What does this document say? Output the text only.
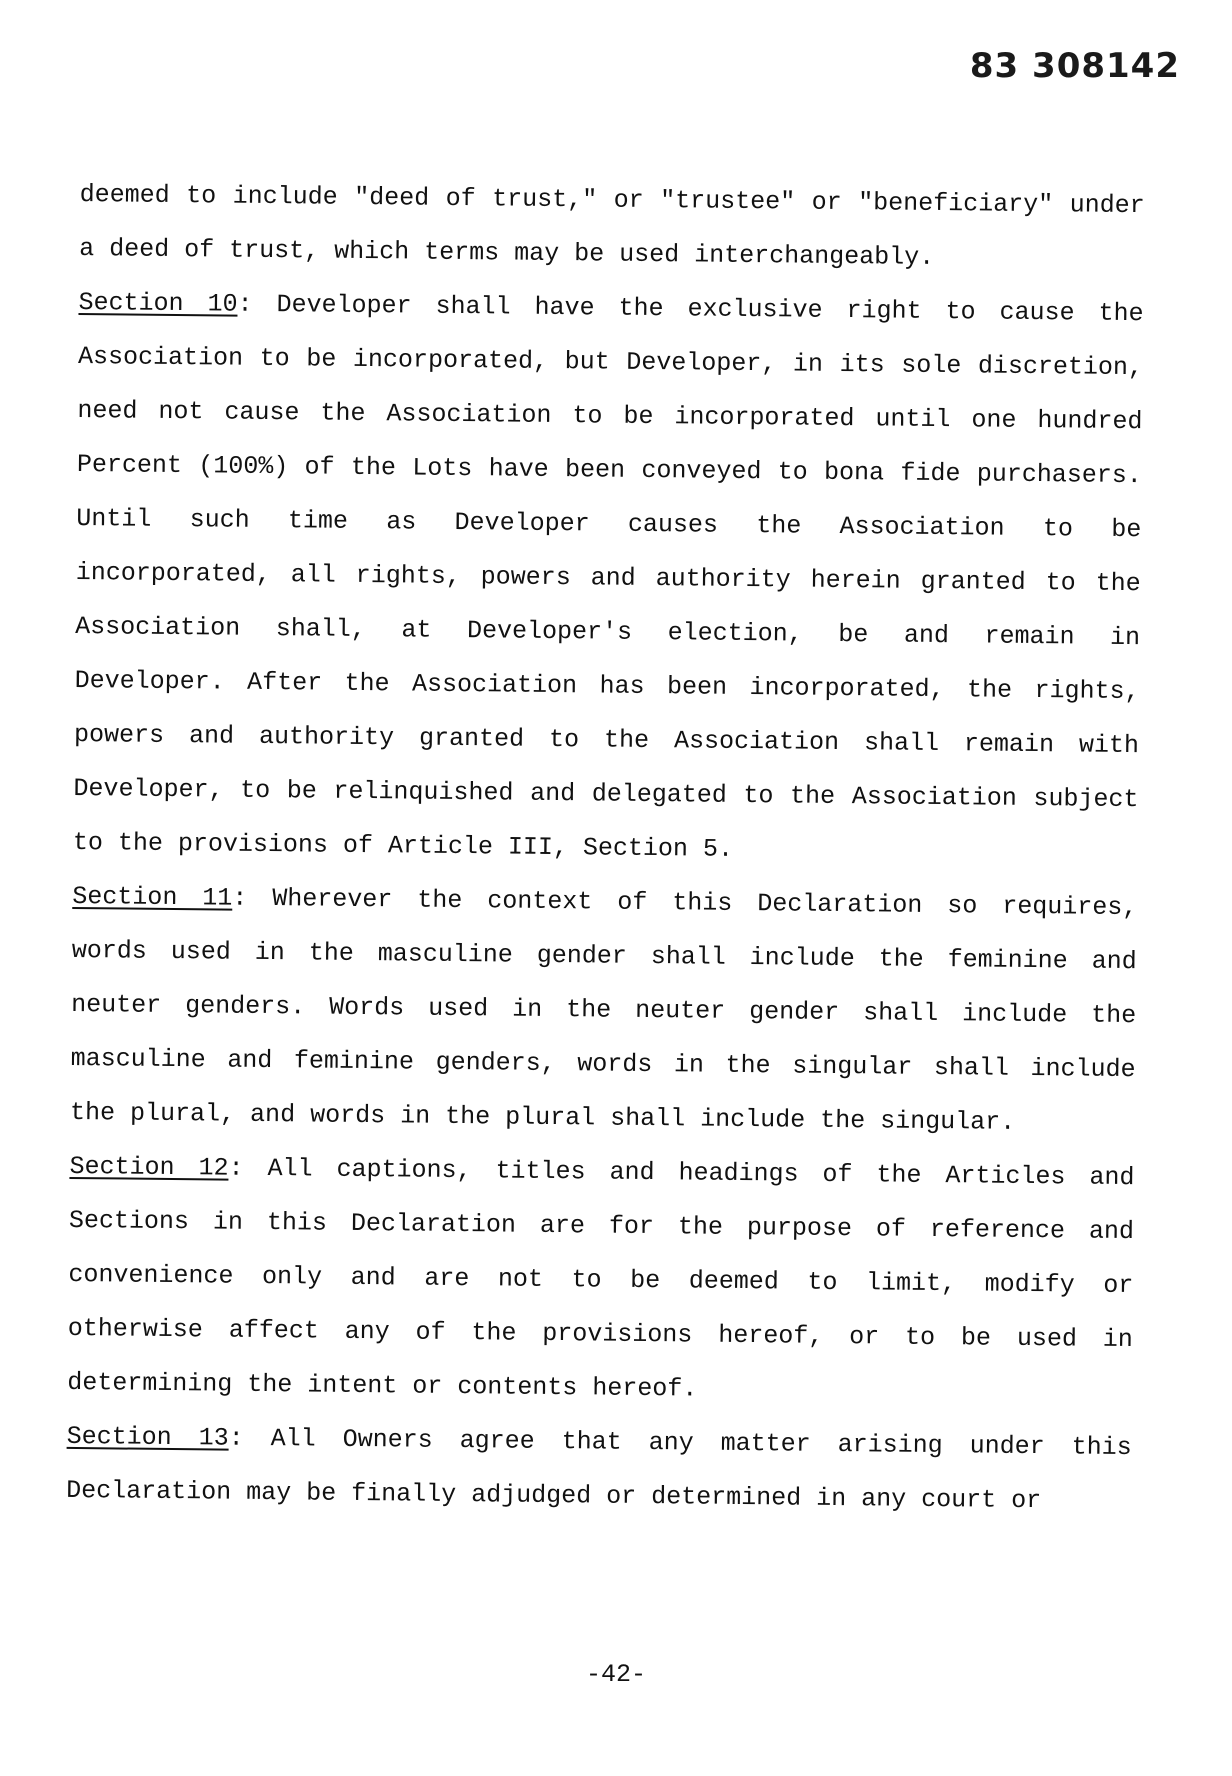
83 308142

deemed to include "deed of trust," or "trustee" or "beneficiary" under a deed of trust, which terms may be used interchangeably.

Section 10: Developer shall have the exclusive right to cause the Association to be incorporated, but Developer, in its sole discretion, need not cause the Association to be incorporated until one hundred Percent (100%) of the Lots have been conveyed to bona fide purchasers. Until such time as Developer causes the Association to be incorporated, all rights, powers and authority herein granted to the Association shall, at Developer's election, be and remain in Developer. After the Association has been incorporated, the rights, powers and authority granted to the Association shall remain with Developer, to be relinquished and delegated to the Association subject to the provisions of Article III, Section 5.

Section 11: Wherever the context of this Declaration so requires, words used in the masculine gender shall include the feminine and neuter genders. Words used in the neuter gender shall include the masculine and feminine genders, words in the singular shall include the plural, and words in the plural shall include the singular.

Section 12: All captions, titles and headings of the Articles and Sections in this Declaration are for the purpose of reference and convenience only and are not to be deemed to limit, modify or otherwise affect any of the provisions hereof, or to be used in determining the intent or contents hereof.

Section 13: All Owners agree that any matter arising under this Declaration may be finally adjudged or determined in any court or

-42-
